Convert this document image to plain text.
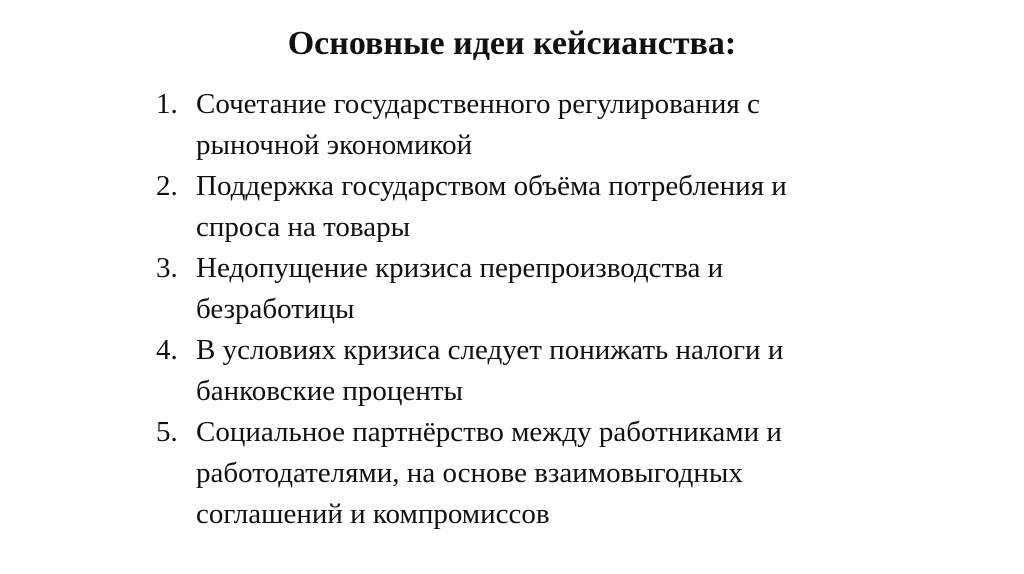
Основные идеи кейсианства:
1. Сочетание государственного регулирования с рыночной экономикой
2. Поддержка государством объёма потребления и спроса на товары
3. Недопущение кризиса перепроизводства и безработицы
4. В условиях кризиса следует понижать налоги и банковские проценты
5. Социальное партнёрство между работниками и работодателями, на основе взаимовыгодных соглашений и компромиссов
